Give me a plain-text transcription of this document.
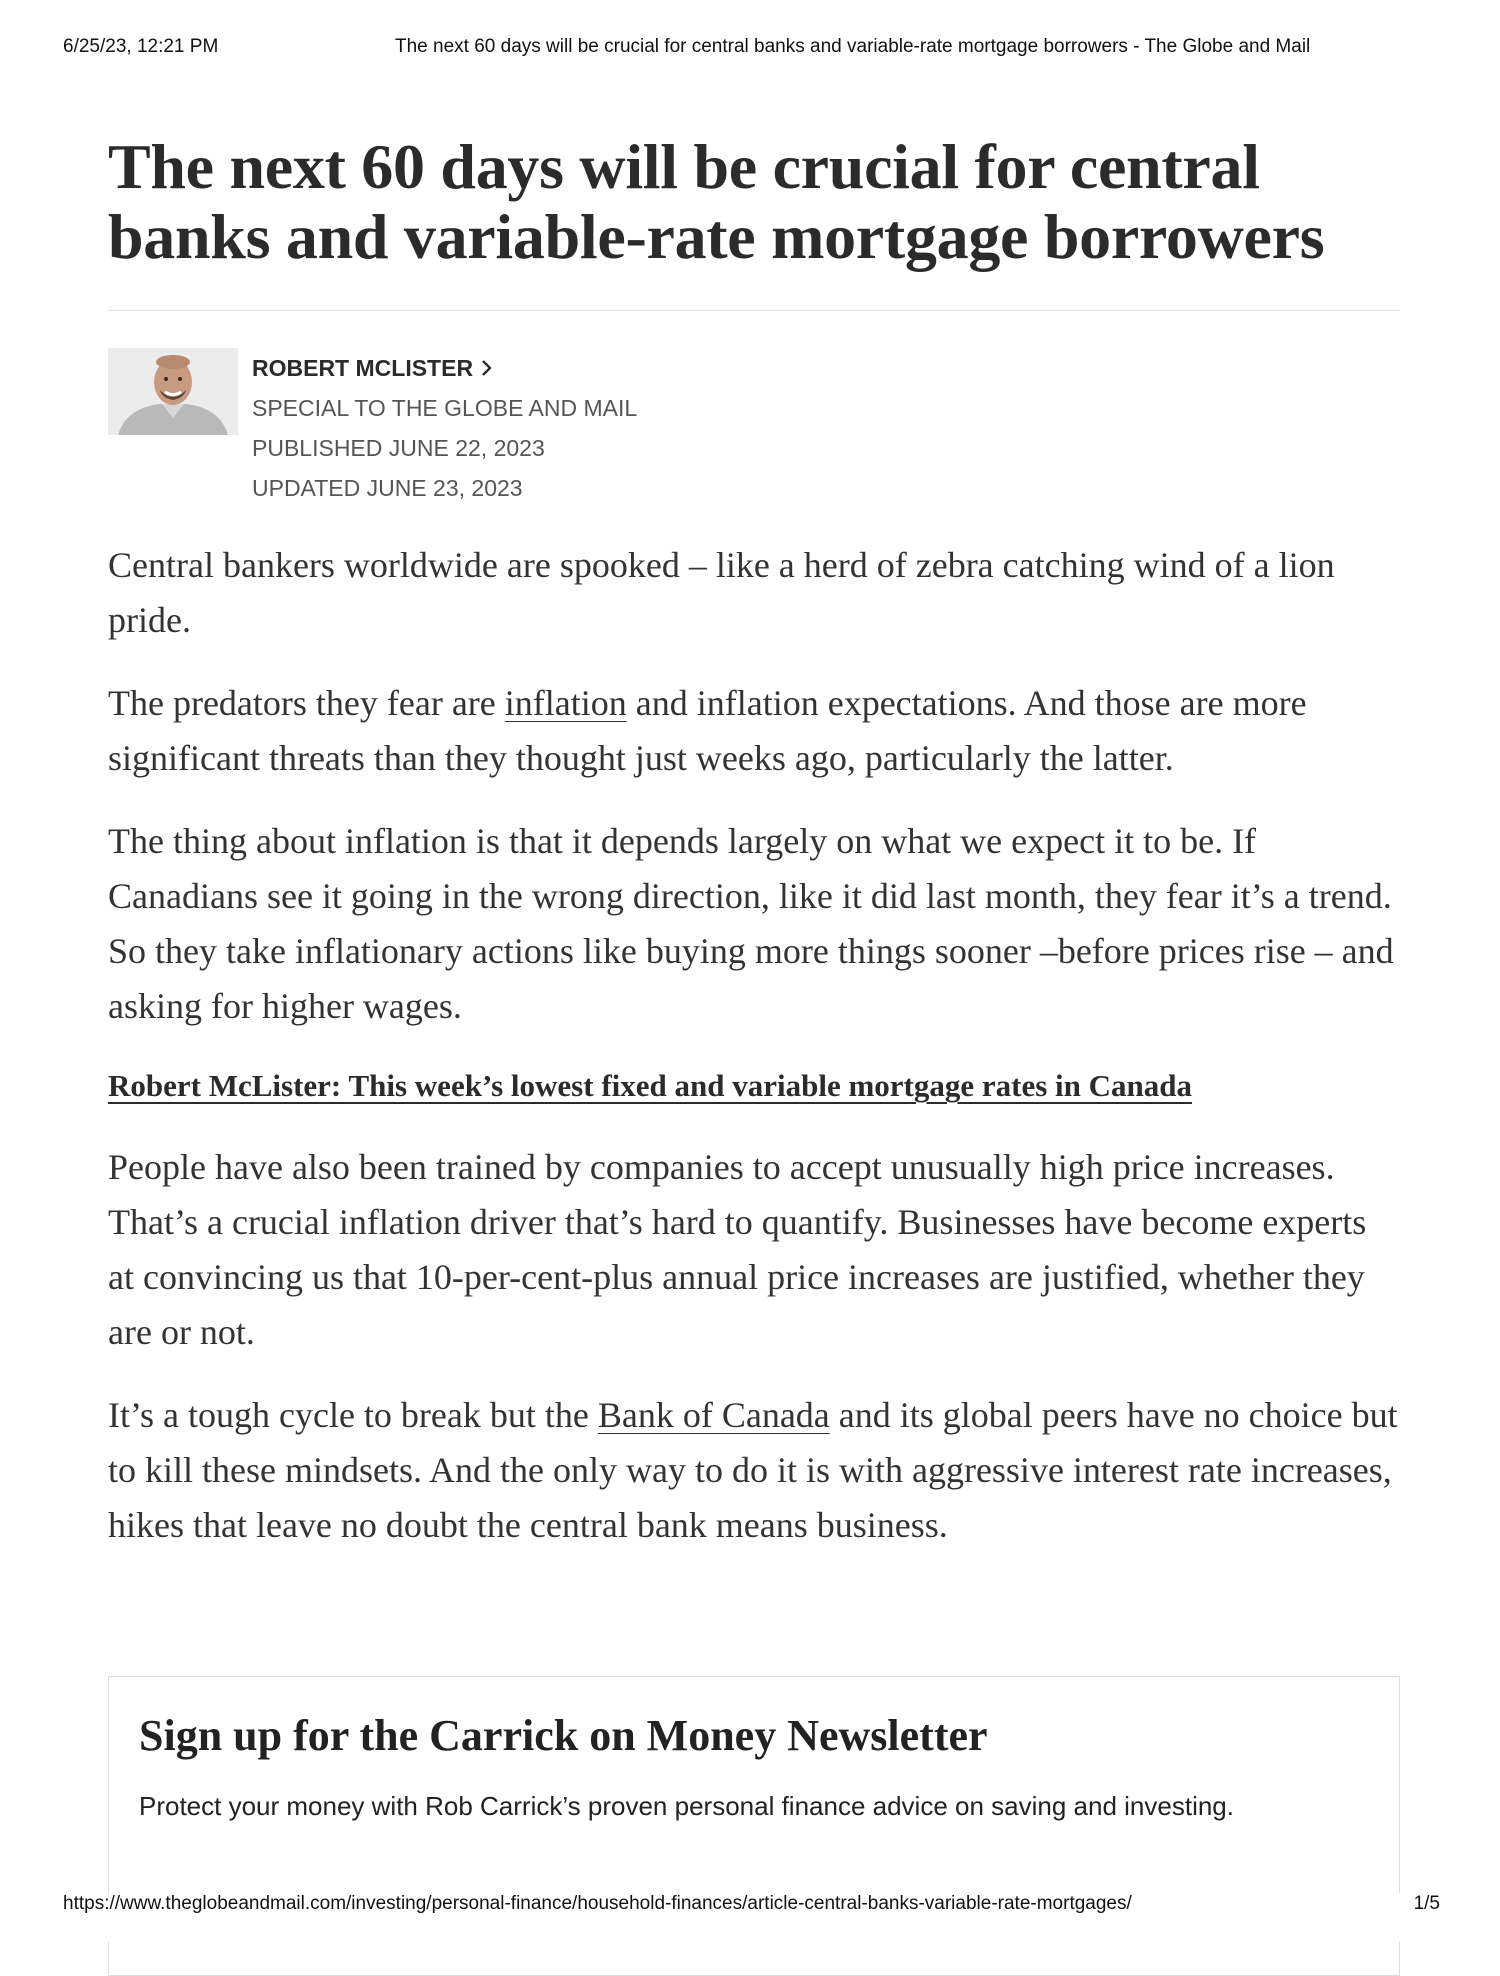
6/25/23, 12:21 PM	The next 60 days will be crucial for central banks and variable-rate mortgage borrowers - The Globe and Mail
The next 60 days will be crucial for central banks and variable-rate mortgage borrowers
ROBERT MCLISTER
SPECIAL TO THE GLOBE AND MAIL
PUBLISHED JUNE 22, 2023
UPDATED JUNE 23, 2023

Central bankers worldwide are spooked – like a herd of zebra catching wind of a lion pride.

The predators they fear are inflation and inflation expectations. And those are more significant threats than they thought just weeks ago, particularly the latter.

The thing about inflation is that it depends largely on what we expect it to be. If Canadians see it going in the wrong direction, like it did last month, they fear it’s a trend. So they take inflationary actions like buying more things sooner –before prices rise – and asking for higher wages.

Robert McLister: This week’s lowest fixed and variable mortgage rates in Canada

People have also been trained by companies to accept unusually high price increases. That’s a crucial inflation driver that’s hard to quantify. Businesses have become experts at convincing us that 10-per-cent-plus annual price increases are justified, whether they are or not.

It’s a tough cycle to break but the Bank of Canada and its global peers have no choice but to kill these mindsets. And the only way to do it is with aggressive interest rate increases, hikes that leave no doubt the central bank means business.

Sign up for the Carrick on Money Newsletter

Protect your money with Rob Carrick’s proven personal finance advice on saving and investing.

https://www.theglobeandmail.com/investing/personal-finance/household-finances/article-central-banks-variable-rate-mortgages/	1/5
